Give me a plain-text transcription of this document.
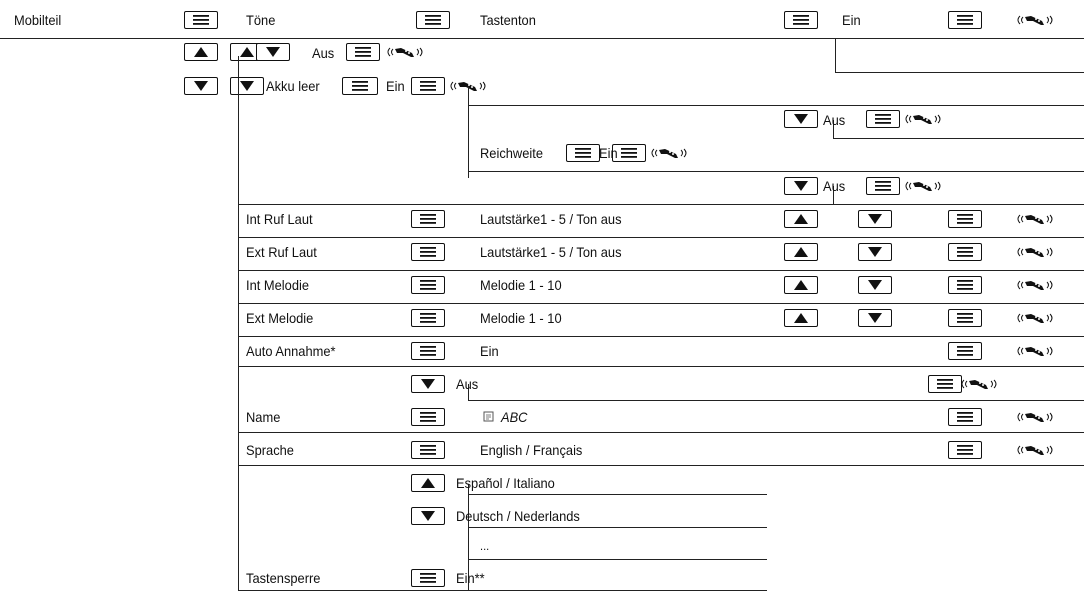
Mobilteil	Töne	Tastenton	Ein
Aus
Akku leer	Ein
Aus
Reichweite	Ein
Aus
Int Ruf Laut	Lautstärke1 - 5 / Ton aus
Ext Ruf Laut	Lautstärke1 - 5 / Ton aus
Int Melodie	Melodie 1 - 10
Ext Melodie	Melodie 1 - 10
Auto Annahme*	Ein
Aus
Name	ABC
Sprache	English / Français
Español / Italiano
Deutsch / Nederlands
...
Tastensperre	Ein**
